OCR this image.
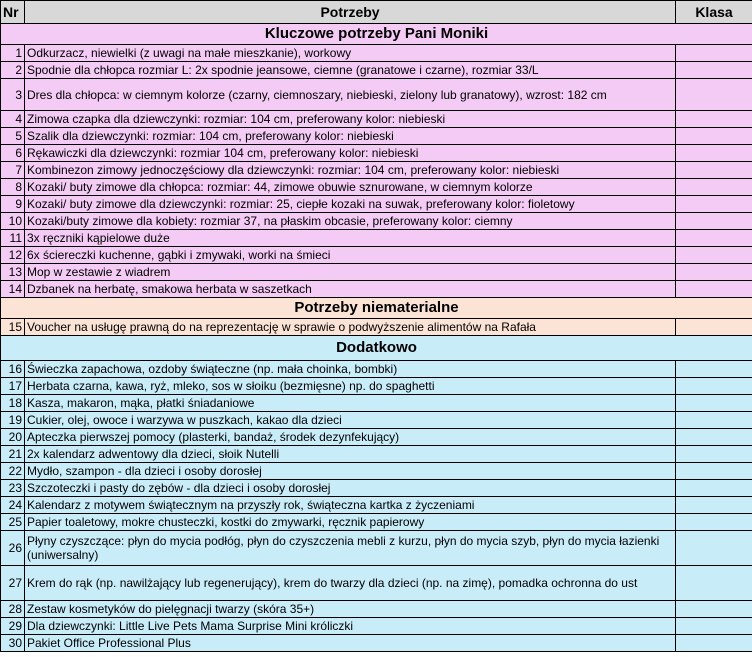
Nr	Potrzeby	Klasa
Kluczowe potrzeby Pani Moniki		
1	Odkurzacz, niewielki (z uwagi na małe mieszkanie), workowy	
2	Spodnie dla chłopca rozmiar L: 2x spodnie jeansowe, ciemne (granatowe i czarne), rozmiar 33/L	
3	Dres dla chłopca: w ciemnym kolorze (czarny, ciemnoszary, niebieski, zielony lub granatowy), wzrost: 182 cm	
4	Zimowa czapka dla dziewczynki: rozmiar: 104 cm, preferowany kolor: niebieski	
5	Szalik dla dziewczynki: rozmiar: 104 cm, preferowany kolor: niebieski	
6	Rękawiczki dla dziewczynki: rozmiar 104 cm, preferowany kolor: niebieski	
7	Kombinezon zimowy jednoczęściowy dla dziewczynki: rozmiar: 104 cm, preferowany kolor: niebieski	
8	Kozaki/ buty zimowe dla chłopca: rozmiar: 44, zimowe obuwie sznurowane, w ciemnym kolorze	
9	Kozaki/ buty zimowe dla dziewczynki: rozmiar: 25, ciepłe kozaki na suwak, preferowany kolor: fioletowy	
10	Kozaki/buty zimowe dla kobiety: rozmiar 37, na płaskim obcasie, preferowany kolor: ciemny	
11	3x ręczniki kąpielowe duże	
12	6x ściereczki kuchenne, gąbki i zmywaki, worki na śmieci	
13	Mop w zestawie z wiadrem	
14	Dzbanek na herbatę, smakowa herbata w saszetkach	
Potrzeby niematerialne		
15	Voucher na usługę prawną do na reprezentację w sprawie o podwyższenie alimentów na Rafała	
Dodatkowo		
16	Świeczka zapachowa, ozdoby świąteczne (np. mała choinka, bombki)	
17	Herbata czarna, kawa, ryż, mleko, sos w słoiku (bezmięsne) np. do spaghetti	
18	Kasza, makaron, mąka, płatki śniadaniowe	
19	Cukier, olej, owoce i warzywa w puszkach, kakao dla dzieci	
20	Apteczka pierwszej pomocy (plasterki, bandaż, środek dezynfekujący)	
21	2x kalendarz adwentowy dla dzieci, słoik Nutelli	
22	Mydło, szampon - dla dzieci i osoby dorosłej	
23	Szczoteczki i pasty do zębów - dla dzieci i osoby dorosłej	
24	Kalendarz z motywem świątecznym na przyszły rok, świąteczna kartka z życzeniami	
25	Papier toaletowy, mokre chusteczki, kostki do zmywarki, ręcznik papierowy	
26	Płyny czyszczące: płyn do mycia podłóg, płyn do czyszczenia mebli z kurzu, płyn do mycia szyb, płyn do mycia łazienki (uniwersalny)	
27	Krem do rąk (np. nawilżający lub regenerujący), krem do twarzy dla dzieci (np. na zimę), pomadka ochronna do ust	
28	Zestaw kosmetyków do pielęgnacji twarzy (skóra 35+)	
29	Dla dziewczynki: Little Live Pets Mama Surprise Mini króliczki	
30	Pakiet Office Professional Plus	
